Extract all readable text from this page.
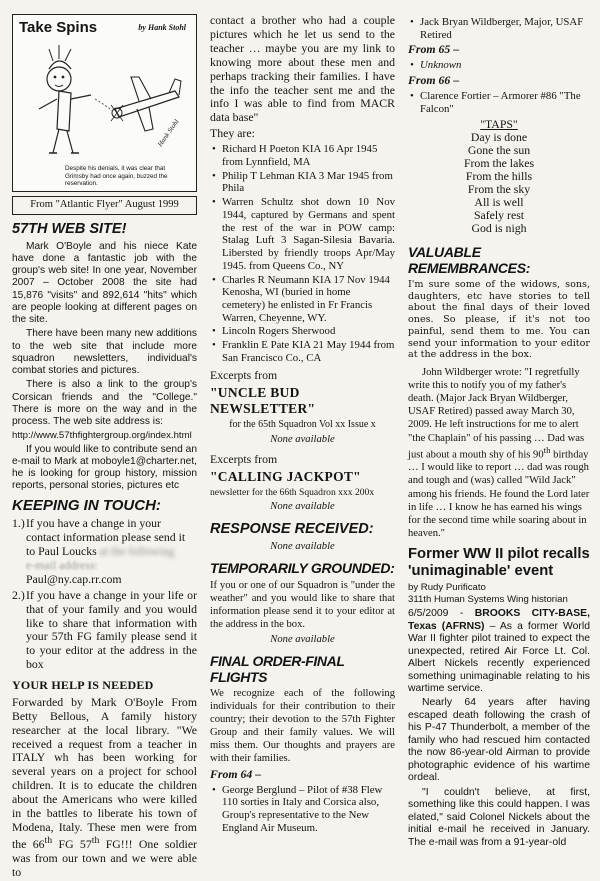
Take Spins	by Hank Stohl
Hank Stohl
Despite his denials, it was clear that Grimsby had once again, buzzed the reservation.
From "Atlantic Flyer" August 1999
57TH WEB SITE!

Mark O'Boyle and his niece Kate have done a fantastic job with the group's web site! In one year, November 2007 – October 2008 the site had 15,876 "visits" and 892,614 "hits" which are people looking at different pages on the site.

There have been many new additions to the web site that include more squadron newsletters, individual's combat stories and pictures.

There is also a link to the group's Corsican friends and the "College." There is more on the way and in the process. The web site address is:

http://www.57thfightergroup.org/index.html

If you would like to contribute send an e-mail to Mark at moboyle1@charter.net, he is looking for group history, mission reports, personal stories, pictures etc

KEEPING IN TOUCH:
1.) If you have a change in your contact information please send it to Paul Loucks at the following
e-mail address:
Paul@ny.cap.rr.com
2.) If you have a change in your life or that of your family and you would like to share that information with your 57th FG family please send it to your editor at the address in the box
YOUR HELP IS NEEDED

Forwarded by Mark O'Boyle From Betty Bellous, A family history researcher at the local library. "We received a request from a teacher in ITALY wh has been working for several years on a project for school children. It is to educate the children about the Americans who were killed in the battles to liberate his town of Modena, Italy. These men were from the 66th FG 57th FG!!! One soldier was from our town and we were able to

contact a brother who had a couple pictures which he let us send to the teacher … maybe you are my link to knowing more about these men and perhaps tracking their families. I have the info the teacher sent me and the info I was able to find from MACR data base"

They are:

• Richard H Poeton KIA 16 Apr 1945 from Lynnfield, MA
• Philip T Lehman KIA 3 Mar 1945 from Phila
• Warren Schultz shot down 10 Nov 1944, captured by Germans and spent the rest of the war in POW camp: Stalag Luft 3 Sagan-Silesia Bavaria. Libersted by friendly troops Apr/May 1945. from Queens Co., NY
• Charles R Neumann KIA 17 Nov 1944 Kenosha, WI (buried in home cemetery) he enlisted in Fr Francis Warren, Cheyenne, WY.
• Lincoln Rogers Sherwood
• Franklin E Pate KIA 21 May 1944 from San Francisco Co., CA

Excerpts from

"UNCLE BUD NEWSLETTER"

for the 65th Squadron Vol xx Issue x

None available

Excerpts from

"CALLING JACKPOT"

newsletter for the 66th Squadron xxx 200x

None available

RESPONSE RECEIVED:

None available

TEMPORARILY GROUNDED:

If you or one of our Squadron is "under the weather" and you would like to share that information please send it to your editor at the address in the box.

None available

FINAL ORDER-FINAL FLIGHTS

We recognize each of the following individuals for their contribution to their country; their devotion to the 57th Fighter Group and their family values. We will miss them. Our thoughts and prayers are with their families.

From 64 –

• George Berglund – Pilot of #38 Flew 110 sorties in Italy and Corsica also, Group's representative to the New England Air Museum.
• Jack Bryan Wildberger, Major, USAF Retired

From 65 –

• Unknown

From 66 –

• Clarence Fortier – Armorer #86 "The Falcon"
"TAPS"
Day is done
Gone the sun
From the lakes
From the hills
From the sky
All is well
Safely rest
God is nigh
VALUABLE REMEMBRANCES:

I'm sure some of the widows, sons, daughters, etc have stories to tell about the final days of their loved ones. So please, if it's not too painful, send them to me. You can send your information to your editor at the address in the box.

John Wildberger wrote: "I regretfully write this to notify you of my father's death. (Major Jack Bryan Wildberger, USAF Retired) passed away March 30, 2009. He left instructions for me to alert "the Chaplain" of his passing … Dad was just about a mouth shy of his 90th birthday … I would like to report … dad was rough and tough and (was) called "Wild Jack" among his friends. He found the Lord later in life … I know he has earned his wings for the second time while soaring about in heaven."

Former WW II pilot recalls 'unimaginable' event
by Rudy Purificato
311th Human Systems Wing historian

6/5/2009 - BROOKS CITY-BASE, Texas (AFRNS) – As a former World War II fighter pilot trained to expect the unexpected, retired Air Force Lt. Col. Albert Nickels recently experienced something unimaginable relating to his wartime service.

Nearly 64 years after having escaped death following the crash of his P-47 Thunderbolt, a member of the family who had rescued him contacted the now 86-year-old Airman to provide photographic evidence of his wartime ordeal.

"I couldn't believe, at first, something like this could happen. I was elated," said Colonel Nickels about the initial e-mail he received in January. The e-mail was from a 91-year-old
